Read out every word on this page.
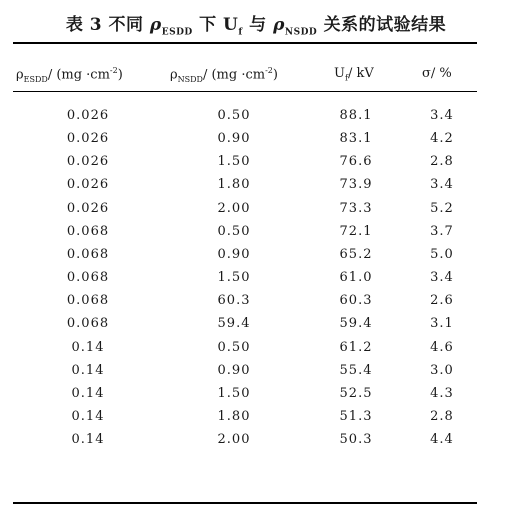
表 3 不同 $\rho_{ESDD}$ 下 $U_f$ 与 $\rho_{NSDD}$ 关系的试验结果
$\rho_{ESDD}/$ $(mg \cdot cm^{-2})$	$\rho_{NSDD}/$ $(mg \cdot cm^{-2})$	$U_f/$ kV	σ/ %
0.026	0.50	88.1	3.4
0.026	0.90	83.1	4.2
0.026	1.50	76.6	2.8
0.026	1.80	73.9	3.4
0.026	2.00	73.3	5.2
0.068	0.50	72.1	3.7
0.068	0.90	65.2	5.0
0.068	1.50	61.0	3.4
0.068	60.3	60.3	2.6
0.068	59.4	59.4	3.1
0.14	0.50	61.2	4.6
0.14	0.90	55.4	3.0
0.14	1.50	52.5	4.3
0.14	1.80	51.3	2.8
0.14	2.00	50.3	4.4
